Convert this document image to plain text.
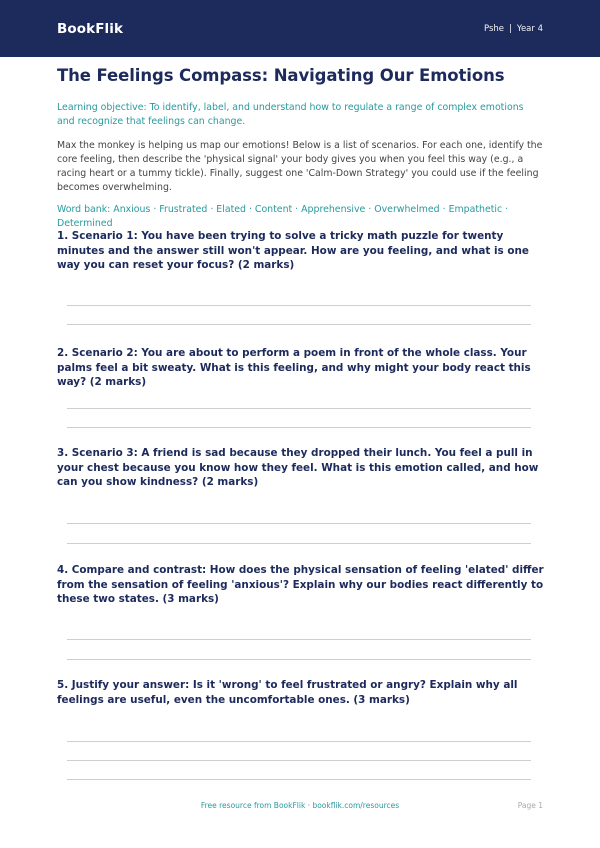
BookFlik	Pshe | Year 4
The Feelings Compass: Navigating Our Emotions

Learning objective: To identify, label, and understand how to regulate a range of complex emotions and recognize that feelings can change.

Max the monkey is helping us map our emotions! Below is a list of scenarios. For each one, identify the core feeling, then describe the 'physical signal' your body gives you when you feel this way (e.g., a racing heart or a tummy tickle). Finally, suggest one 'Calm-Down Strategy' you could use if the feeling becomes overwhelming.

Word bank: Anxious · Frustrated · Elated · Content · Apprehensive · Overwhelmed · Empathetic · Determined

1. Scenario 1: You have been trying to solve a tricky math puzzle for twenty minutes and the answer still won't appear. How are you feeling, and what is one way you can reset your focus? (2 marks)

2. Scenario 2: You are about to perform a poem in front of the whole class. Your palms feel a bit sweaty. What is this feeling, and why might your body react this way? (2 marks)

3. Scenario 3: A friend is sad because they dropped their lunch. You feel a pull in your chest because you know how they feel. What is this emotion called, and how can you show kindness? (2 marks)

4. Compare and contrast: How does the physical sensation of feeling 'elated' differ from the sensation of feeling 'anxious'? Explain why our bodies react differently to these two states. (3 marks)

5. Justify your answer: Is it 'wrong' to feel frustrated or angry? Explain why all feelings are useful, even the uncomfortable ones. (3 marks)

Free resource from BookFlik · bookflik.com/resources	Page 1
